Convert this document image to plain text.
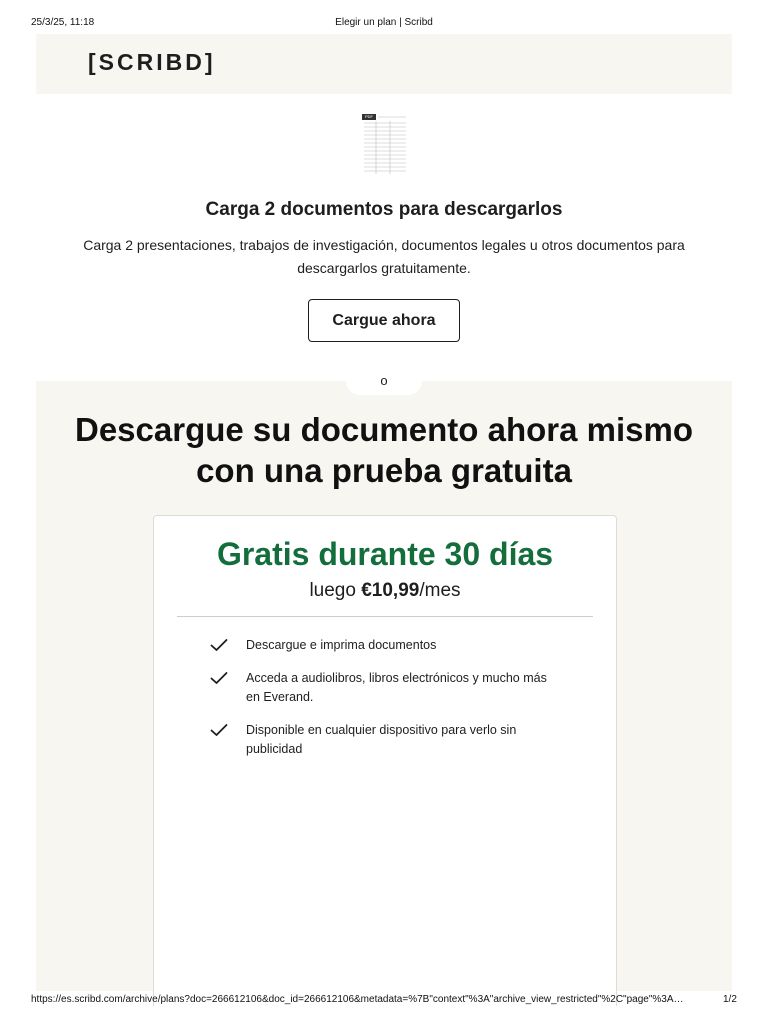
25/3/25, 11:18	Elegir un plan | Scribd
[SCRIBD]
PDF
Carga 2 documentos para descargarlos

Carga 2 presentaciones, trabajos de investigación, documentos legales u otros documentos para descargarlos gratuitamente.

Cargue ahora
o
Descargue su documento ahora mismo con una prueba gratuita
Gratis durante 30 días
luego €10,99/mes
Descargue e imprima documentos
Acceda a audiolibros, libros electrónicos y mucho más en Everand.
Disponible en cualquier dispositivo para verlo sin publicidad
https://es.scribd.com/archive/plans?doc=266612106&doc_id=266612106&metadata=%7B"context"%3A"archive_view_restricted"%2C"page"%3A…	1/2
